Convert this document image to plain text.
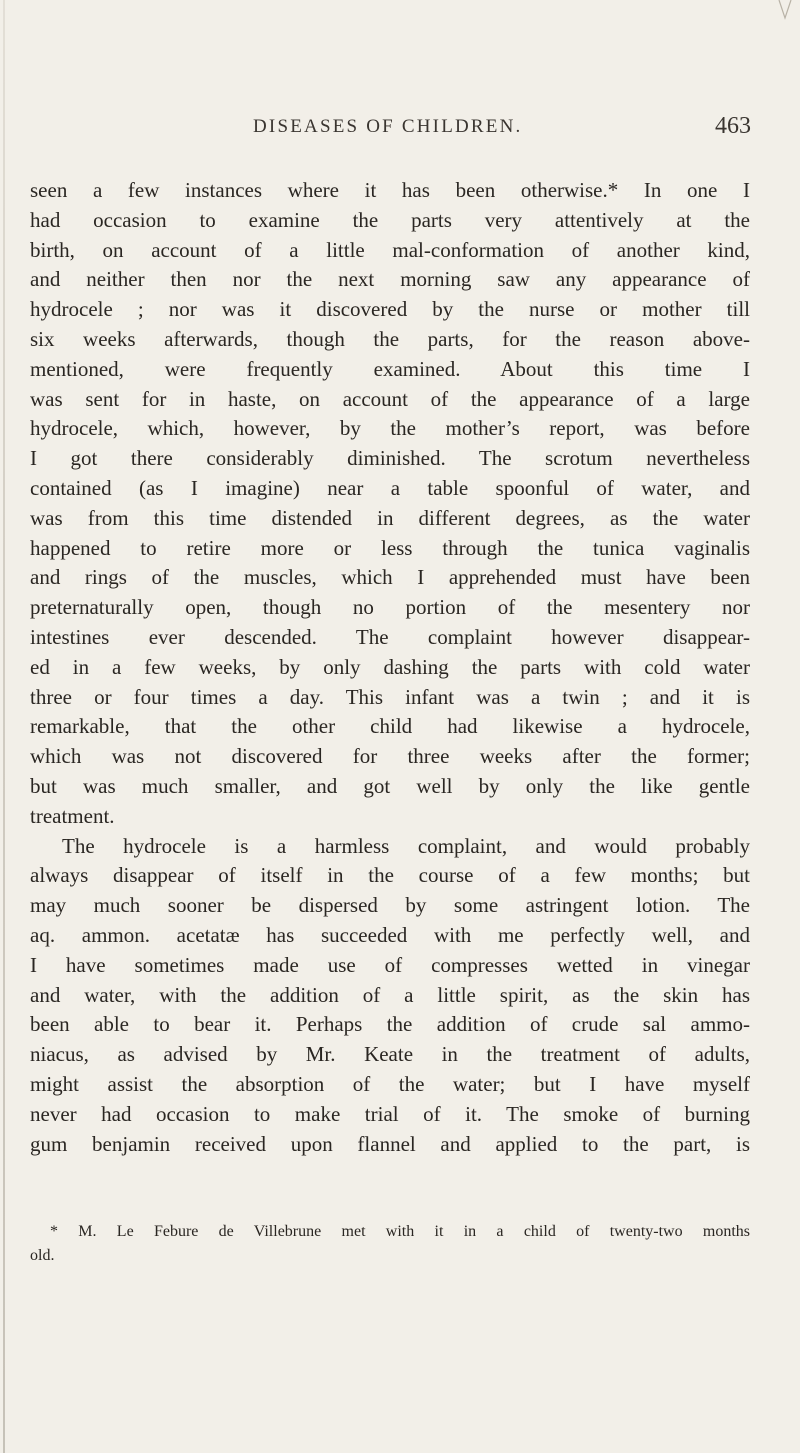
DISEASES OF CHILDREN.	463
seen a few instances where it has been otherwise.* In one I
had occasion to examine the parts very attentively at the
birth, on account of a little mal-conformation of another kind,
and neither then nor the next morning saw any appearance of
hydrocele ; nor was it discovered by the nurse or mother till
six weeks afterwards, though the parts, for the reason above-
mentioned, were frequently examined. About this time I
was sent for in haste, on account of the appearance of a large
hydrocele, which, however, by the mother’s report, was before
I got there considerably diminished. The scrotum nevertheless
contained (as I imagine) near a table spoonful of water, and
was from this time distended in different degrees, as the water
happened to retire more or less through the tunica vaginalis
and rings of the muscles, which I apprehended must have been
preternaturally open, though no portion of the mesentery nor
intestines ever descended. The complaint however disappear-
ed in a few weeks, by only dashing the parts with cold water
three or four times a day. This infant was a twin ; and it is
remarkable, that the other child had likewise a hydrocele,
which was not discovered for three weeks after the former;
but was much smaller, and got well by only the like gentle
treatment.
The hydrocele is a harmless complaint, and would probably
always disappear of itself in the course of a few months; but
may much sooner be dispersed by some astringent lotion. The
aq. ammon. acetatæ has succeeded with me perfectly well, and
I have sometimes made use of compresses wetted in vinegar
and water, with the addition of a little spirit, as the skin has
been able to bear it. Perhaps the addition of crude sal ammo-
niacus, as advised by Mr. Keate in the treatment of adults,
might assist the absorption of the water; but I have myself
never had occasion to make trial of it. The smoke of burning
gum benjamin received upon flannel and applied to the part, is
* M. Le Febure de Villebrune met with it in a child of twenty-two months
old.
